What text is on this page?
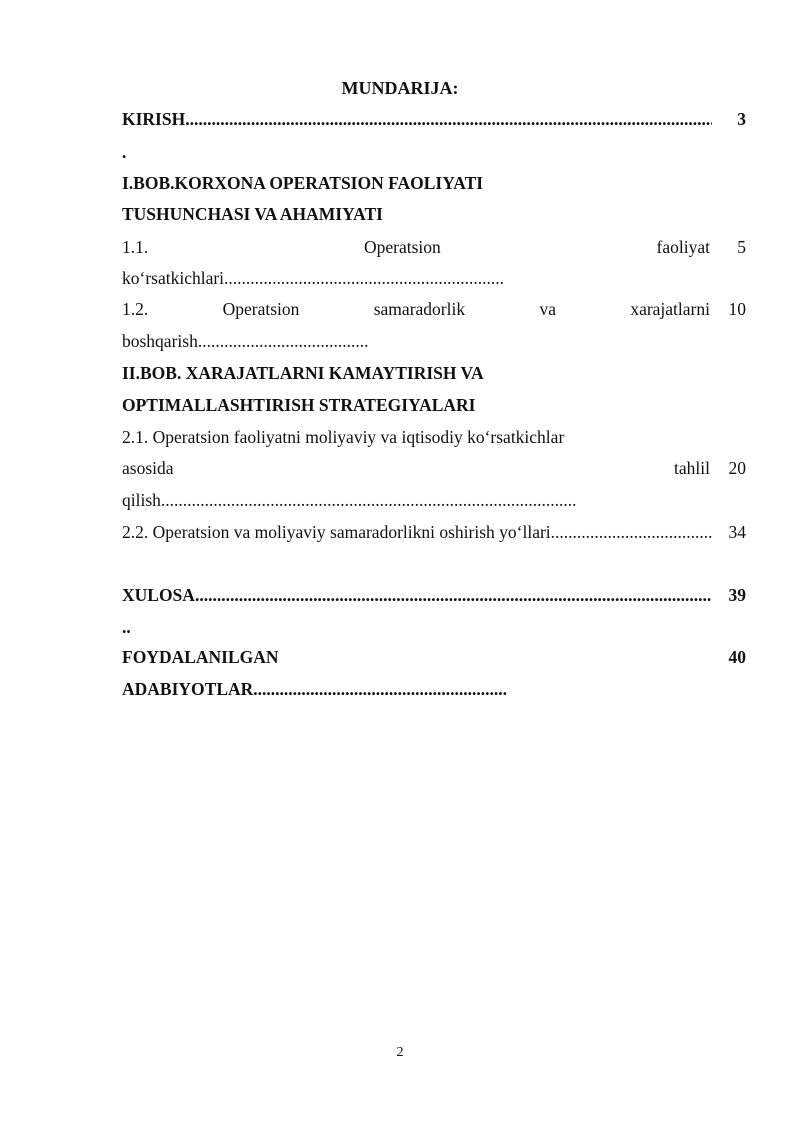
MUNDARIJA:
KIRISH .....	3
.
I.BOB.KORXONA OPERATSION FAOLIYATI
TUSHUNCHASI VA AHAMIYATI
1.1.	Operatsion	faoliyat	5
ko‘rsatkichlari................................................................
1.2.	Operatsion	samaradorlik	va	xarajatlarni	10
boshqarish.......................................
II.BOB. XARAJATLARNI KAMAYTIRISH VA
OPTIMALLASHTIRISH STRATEGIYALARI
2.1. Operatsion faoliyatni moliyaviy va iqtisodiy ko‘rsatkichlar
asosida	tahlil	20
qilish...............................................................................................
2.2. Operatsion va moliyaviy samaradorlikni oshirish yo‘llari .....	34
XULOSA .....	39
..
FOYDALANILGAN	40
ADABIYOTLAR..........................................................
2
